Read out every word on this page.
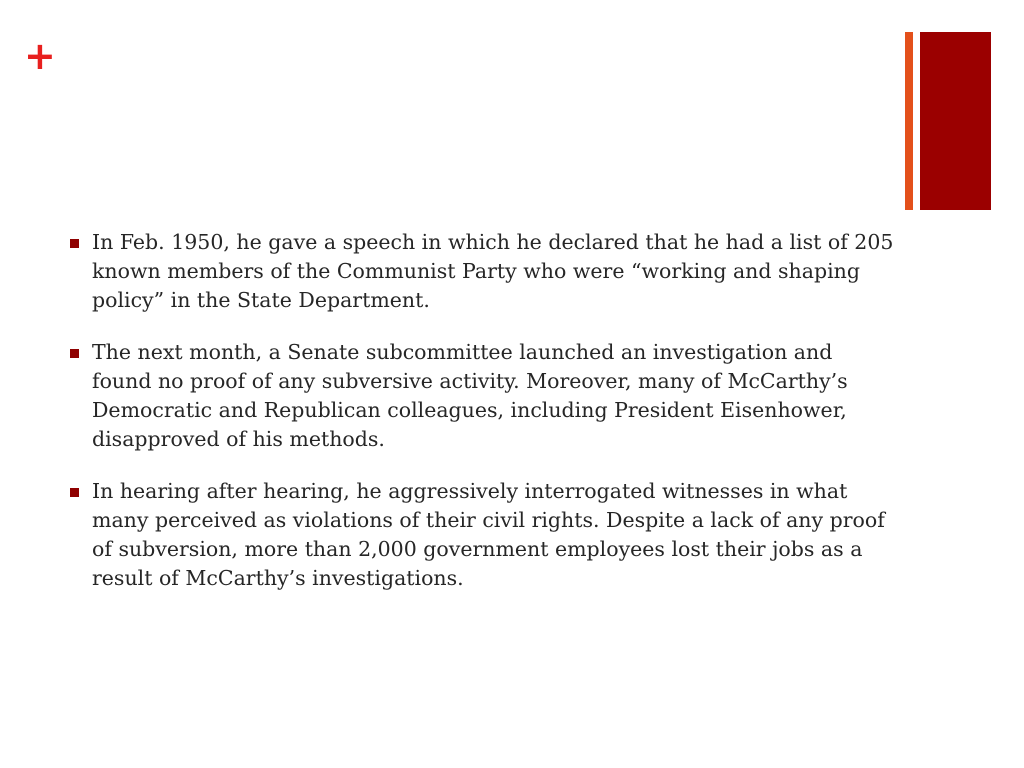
+
In Feb. 1950, he gave a speech in which he declared that he had a list of 205 known members of the Communist Party who were “working and shaping policy” in the State Department.
The next month, a Senate subcommittee launched an investigation and found no proof of any subversive activity. Moreover, many of McCarthy’s Democratic and Republican colleagues, including President Eisenhower, disapproved of his methods.
In hearing after hearing, he aggressively interrogated witnesses in what many perceived as violations of their civil rights. Despite a lack of any proof of subversion, more than 2,000 government employees lost their jobs as a result of McCarthy’s investigations.
